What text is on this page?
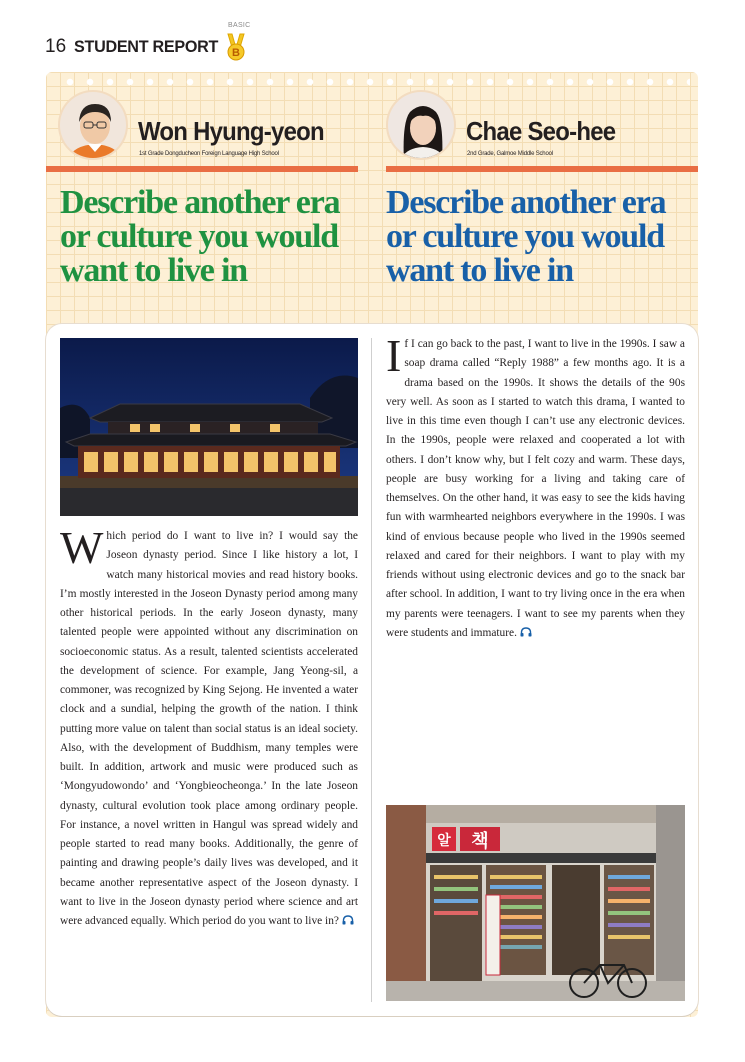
16 STUDENT REPORT
BASIC
B
Won Hyung-yeon
1st Grade Dongducheon Foreign Language High School
Chae Seo-hee
2nd Grade, Galmoe Middle School
Describe another era or culture you would want to live in
Describe another era or culture you would want to live in
알 책
Which period do I want to live in? I would say the Joseon dynasty period. Since I like history a lot, I watch many historical movies and read history books. I’m mostly interested in the Joseon Dynasty period among many other historical periods. In the early Joseon dynasty, many talented people were appointed without any discrimination on socioeconomic status. As a result, talented scientists accelerated the development of science. For example, Jang Yeong-sil, a commoner, was recognized by King Sejong. He invented a water clock and a sundial, helping the growth of the nation. I think putting more value on talent than social status is an ideal society. Also, with the development of Buddhism, many temples were built. In addition, artwork and music were produced such as ‘Mongyudowondo’ and ‘Yongbieocheonga.’ In the late Joseon dynasty, cultural evolution took place among ordinary people. For instance, a novel written in Hangul was spread widely and people started to read many books. Additionally, the genre of painting and drawing people’s daily lives was developed, and it became another representative aspect of the Joseon dynasty. I want to live in the Joseon dynasty period where science and art were advanced equally. Which period do you want to live in?
If I can go back to the past, I want to live in the 1990s. I saw a soap drama called “Reply 1988” a few months ago. It is a drama based on the 1990s. It shows the details of the 90s very well. As soon as I started to watch this drama, I wanted to live in this time even though I can’t use any electronic devices. In the 1990s, people were relaxed and cooperated a lot with others. I don’t know why, but I felt cozy and warm. These days, people are busy working for a living and taking care of themselves. On the other hand, it was easy to see the kids having fun with warmhearted neighbors everywhere in the 1990s. I was kind of envious because people who lived in the 1990s seemed relaxed and cared for their neighbors. I want to play with my friends without using electronic devices and go to the snack bar after school. In addition, I want to try living once in the era when my parents were teenagers. I want to see my parents when they were students and immature.
